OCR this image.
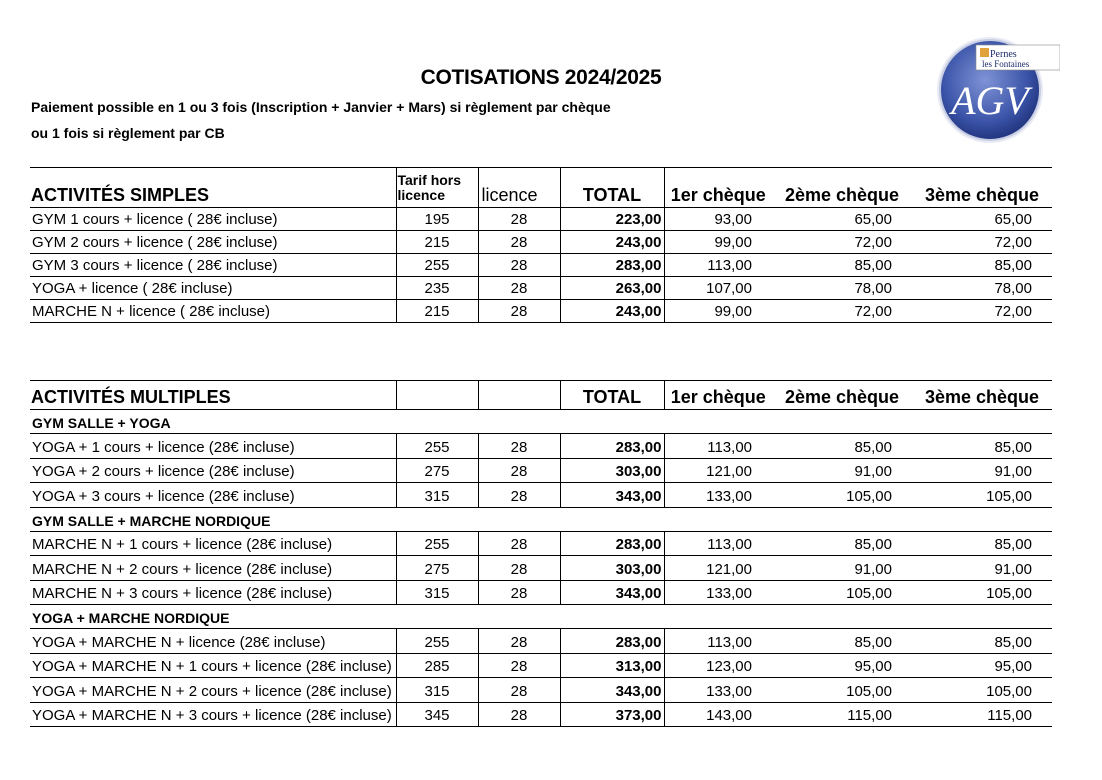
COTISATIONS 2024/2025
Paiement possible en 1 ou 3 fois (Inscription + Janvier + Mars) si règlement par chèque
ou 1 fois si règlement par CB
Pernes
les Fontaines
AGV
ACTIVITÉS SIMPLES	Tarif hors licence	licence	TOTAL	1er chèque	2ème chèque	3ème chèque
GYM 1 cours + licence ( 28€ incluse)	195	28	223,00	93,00	65,00	65,00
GYM 2 cours + licence ( 28€ incluse)	215	28	243,00	99,00	72,00	72,00
GYM 3 cours + licence ( 28€ incluse)	255	28	283,00	113,00	85,00	85,00
YOGA + licence ( 28€ incluse)	235	28	263,00	107,00	78,00	78,00
MARCHE N + licence ( 28€ incluse)	215	28	243,00	99,00	72,00	72,00
ACTIVITÉS MULTIPLES			TOTAL	1er chèque	2ème chèque	3ème chèque
GYM SALLE + YOGA						
YOGA + 1 cours + licence (28€ incluse)	255	28	283,00	113,00	85,00	85,00
YOGA + 2 cours + licence (28€ incluse)	275	28	303,00	121,00	91,00	91,00
YOGA + 3 cours + licence (28€ incluse)	315	28	343,00	133,00	105,00	105,00
GYM SALLE + MARCHE NORDIQUE						
MARCHE N + 1 cours + licence (28€ incluse)	255	28	283,00	113,00	85,00	85,00
MARCHE N + 2 cours + licence (28€ incluse)	275	28	303,00	121,00	91,00	91,00
MARCHE N + 3 cours + licence (28€ incluse)	315	28	343,00	133,00	105,00	105,00
YOGA + MARCHE NORDIQUE						
YOGA + MARCHE N + licence (28€ incluse)	255	28	283,00	113,00	85,00	85,00
YOGA + MARCHE N + 1 cours + licence (28€ incluse)	285	28	313,00	123,00	95,00	95,00
YOGA + MARCHE N + 2 cours + licence (28€ incluse)	315	28	343,00	133,00	105,00	105,00
YOGA + MARCHE N + 3 cours + licence (28€ incluse)	345	28	373,00	143,00	115,00	115,00
